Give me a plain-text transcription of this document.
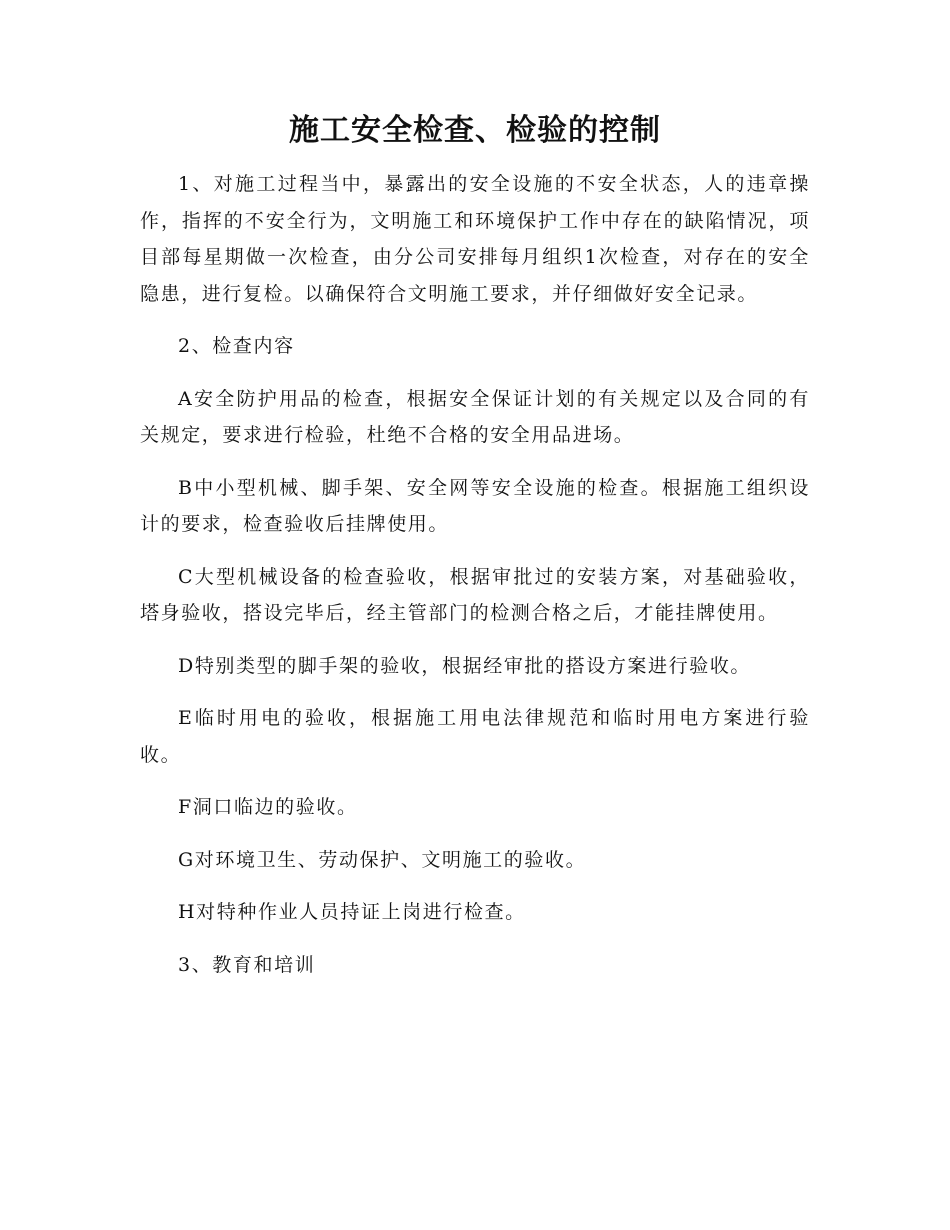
施工安全检查、检验的控制

1、对施工过程当中，暴露出的安全设施的不安全状态，人的违章操作，指挥的不安全行为，文明施工和环境保护工作中存在的缺陷情况，项目部每星期做一次检查，由分公司安排每月组织1次检查，对存在的安全隐患，进行复检。以确保符合文明施工要求，并仔细做好安全记录。

2、检查内容

A安全防护用品的检查，根据安全保证计划的有关规定以及合同的有关规定，要求进行检验，杜绝不合格的安全用品进场。

B中小型机械、脚手架、安全网等安全设施的检查。根据施工组织设计的要求，检查验收后挂牌使用。

C大型机械设备的检查验收，根据审批过的安装方案，对基础验收，塔身验收，搭设完毕后，经主管部门的检测合格之后，才能挂牌使用。

D特别类型的脚手架的验收，根据经审批的搭设方案进行验收。

E临时用电的验收，根据施工用电法律规范和临时用电方案进行验收。

F洞口临边的验收。

G对环境卫生、劳动保护、文明施工的验收。

H对特种作业人员持证上岗进行检查。

3、教育和培训
